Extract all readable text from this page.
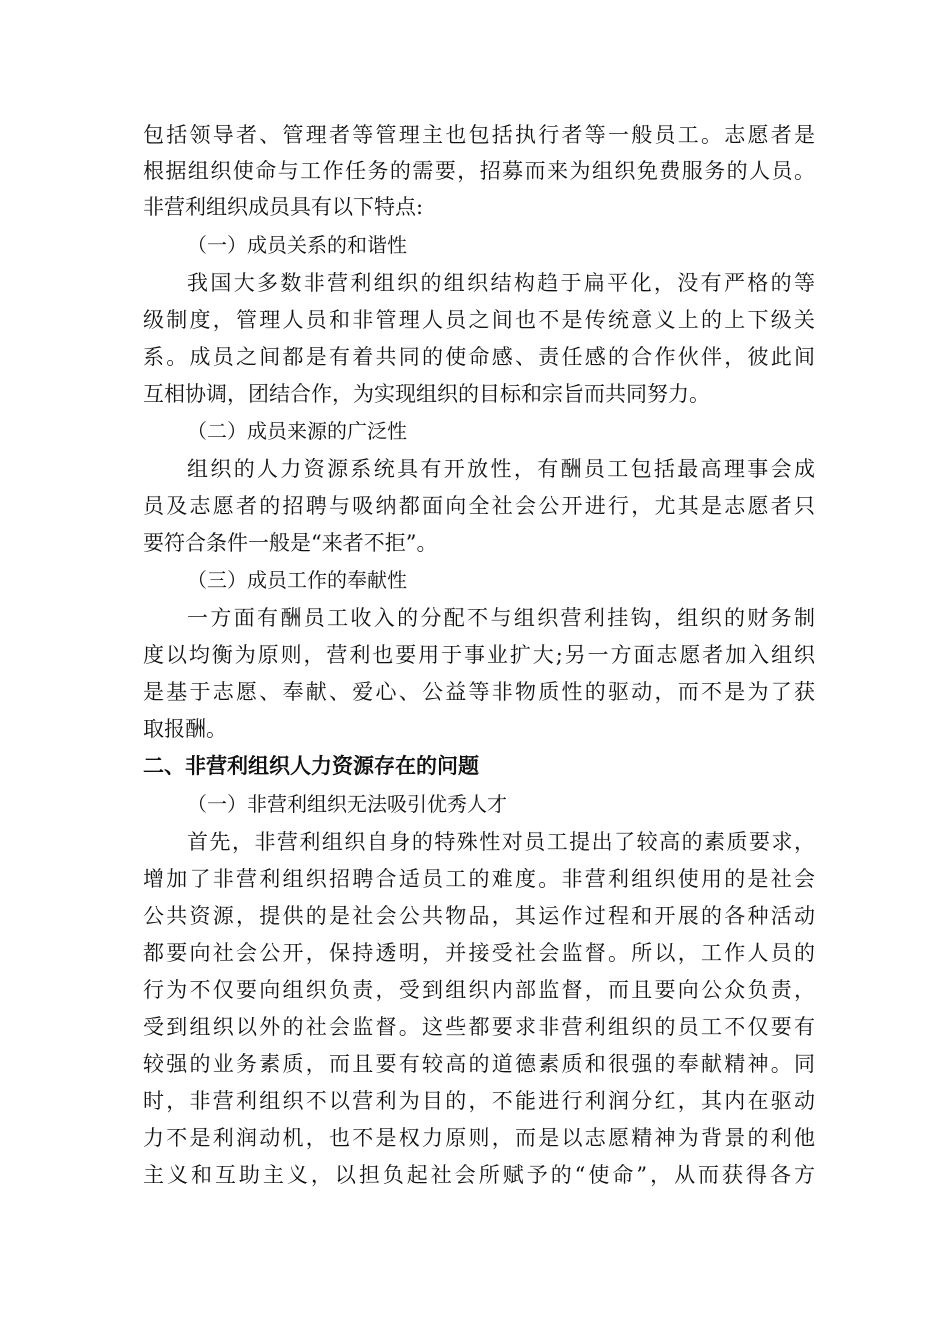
包括领导者、管理者等管理主也包括执行者等一般员工。志愿者是
根据组织使命与工作任务的需要，招募而来为组织免费服务的人员。
非营利组织成员具有以下特点:
（一）成员关系的和谐性
我国大多数非营利组织的组织结构趋于扁平化，没有严格的等
级制度，管理人员和非管理人员之间也不是传统意义上的上下级关
系。成员之间都是有着共同的使命感、责任感的合作伙伴，彼此间
互相协调，团结合作，为实现组织的目标和宗旨而共同努力。
（二）成员来源的广泛性
组织的人力资源系统具有开放性，有酬员工包括最高理事会成
员及志愿者的招聘与吸纳都面向全社会公开进行，尤其是志愿者只
要符合条件一般是“来者不拒”。
（三）成员工作的奉献性
一方面有酬员工收入的分配不与组织营利挂钩，组织的财务制
度以均衡为原则，营利也要用于事业扩大;另一方面志愿者加入组织
是基于志愿、奉献、爱心、公益等非物质性的驱动，而不是为了获
取报酬。
二、非营利组织人力资源存在的问题
（一）非营利组织无法吸引优秀人才
首先，非营利组织自身的特殊性对员工提出了较高的素质要求，
增加了非营利组织招聘合适员工的难度。非营利组织使用的是社会
公共资源，提供的是社会公共物品，其运作过程和开展的各种活动
都要向社会公开，保持透明，并接受社会监督。所以，工作人员的
行为不仅要向组织负责，受到组织内部监督，而且要向公众负责，
受到组织以外的社会监督。这些都要求非营利组织的员工不仅要有
较强的业务素质，而且要有较高的道德素质和很强的奉献精神。同
时，非营利组织不以营利为目的，不能进行利润分红，其内在驱动
力不是利润动机，也不是权力原则，而是以志愿精神为背景的利他
主义和互助主义，以担负起社会所赋予的“使命”，从而获得各方
